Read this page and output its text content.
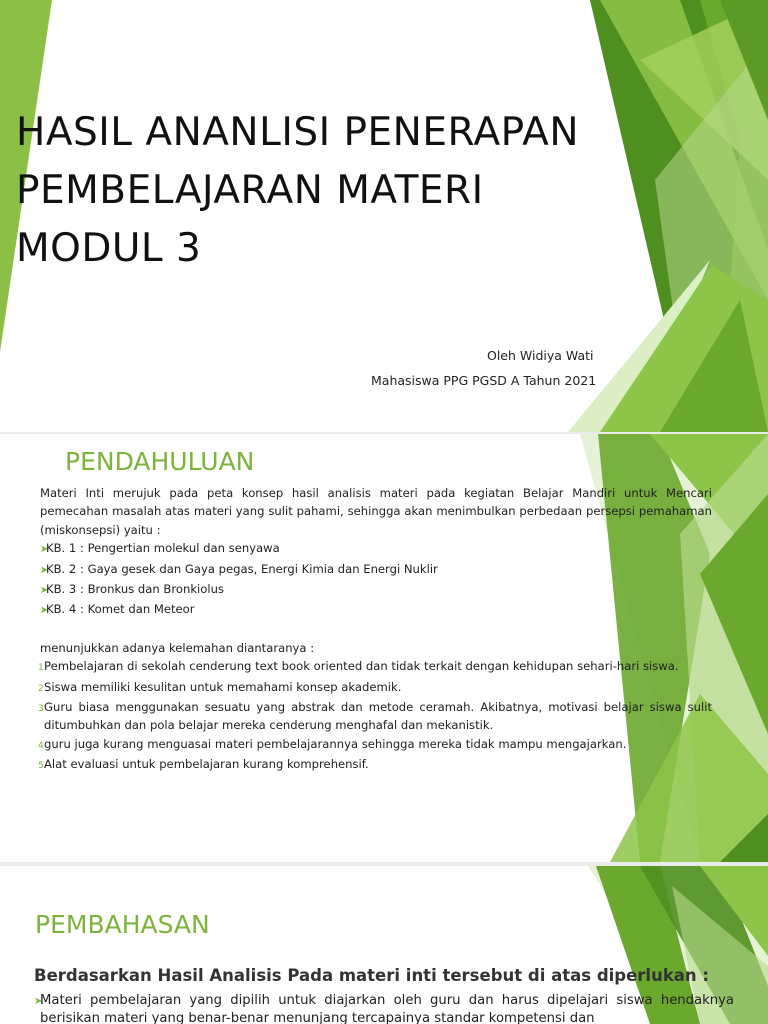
HASIL ANANLISI PENERAPAN
PEMBELAJARAN MATERI
MODUL 3
Oleh Widiya Wati
Mahasiswa PPG PGSD A Tahun 2021
PENDAHULUAN
Materi Inti merujuk pada peta konsep hasil analisis materi pada kegiatan Belajar Mandiri untuk Mencari pemecahan masalah atas materi yang sulit pahami, sehingga akan menimbulkan perbedaan persepsi pemahaman (miskonsepsi) yaitu :
➤
KB. 1 : Pengertian molekul dan senyawa
➤
KB. 2 : Gaya gesek dan Gaya pegas, Energi Kimia dan Energi Nuklir
➤
KB. 3 : Bronkus dan Bronkiolus
➤
KB. 4 : Komet dan Meteor
menunjukkan adanya kelemahan diantaranya :
1 Pembelajaran di sekolah cenderung text book oriented dan tidak terkait dengan kehidupan sehari-hari siswa.
2 Siswa memiliki kesulitan untuk memahami konsep akademik.
3 Guru biasa menggunakan sesuatu yang abstrak dan metode ceramah. Akibatnya, motivasi belajar siswa sulit ditumbuhkan dan pola belajar mereka cenderung menghafal dan mekanistik.
4 guru juga kurang menguasai materi pembelajarannya sehingga mereka tidak mampu mengajarkan.
5 Alat evaluasi untuk pembelajaran kurang komprehensif.
PEMBAHASAN
Berdasarkan Hasil Analisis Pada materi inti tersebut di atas diperlukan :
➤
Materi pembelajaran yang dipilih untuk diajarkan oleh guru dan harus dipelajari siswa hendaknya berisikan materi yang benar-benar menunjang tercapainya standar kompetensi dan
